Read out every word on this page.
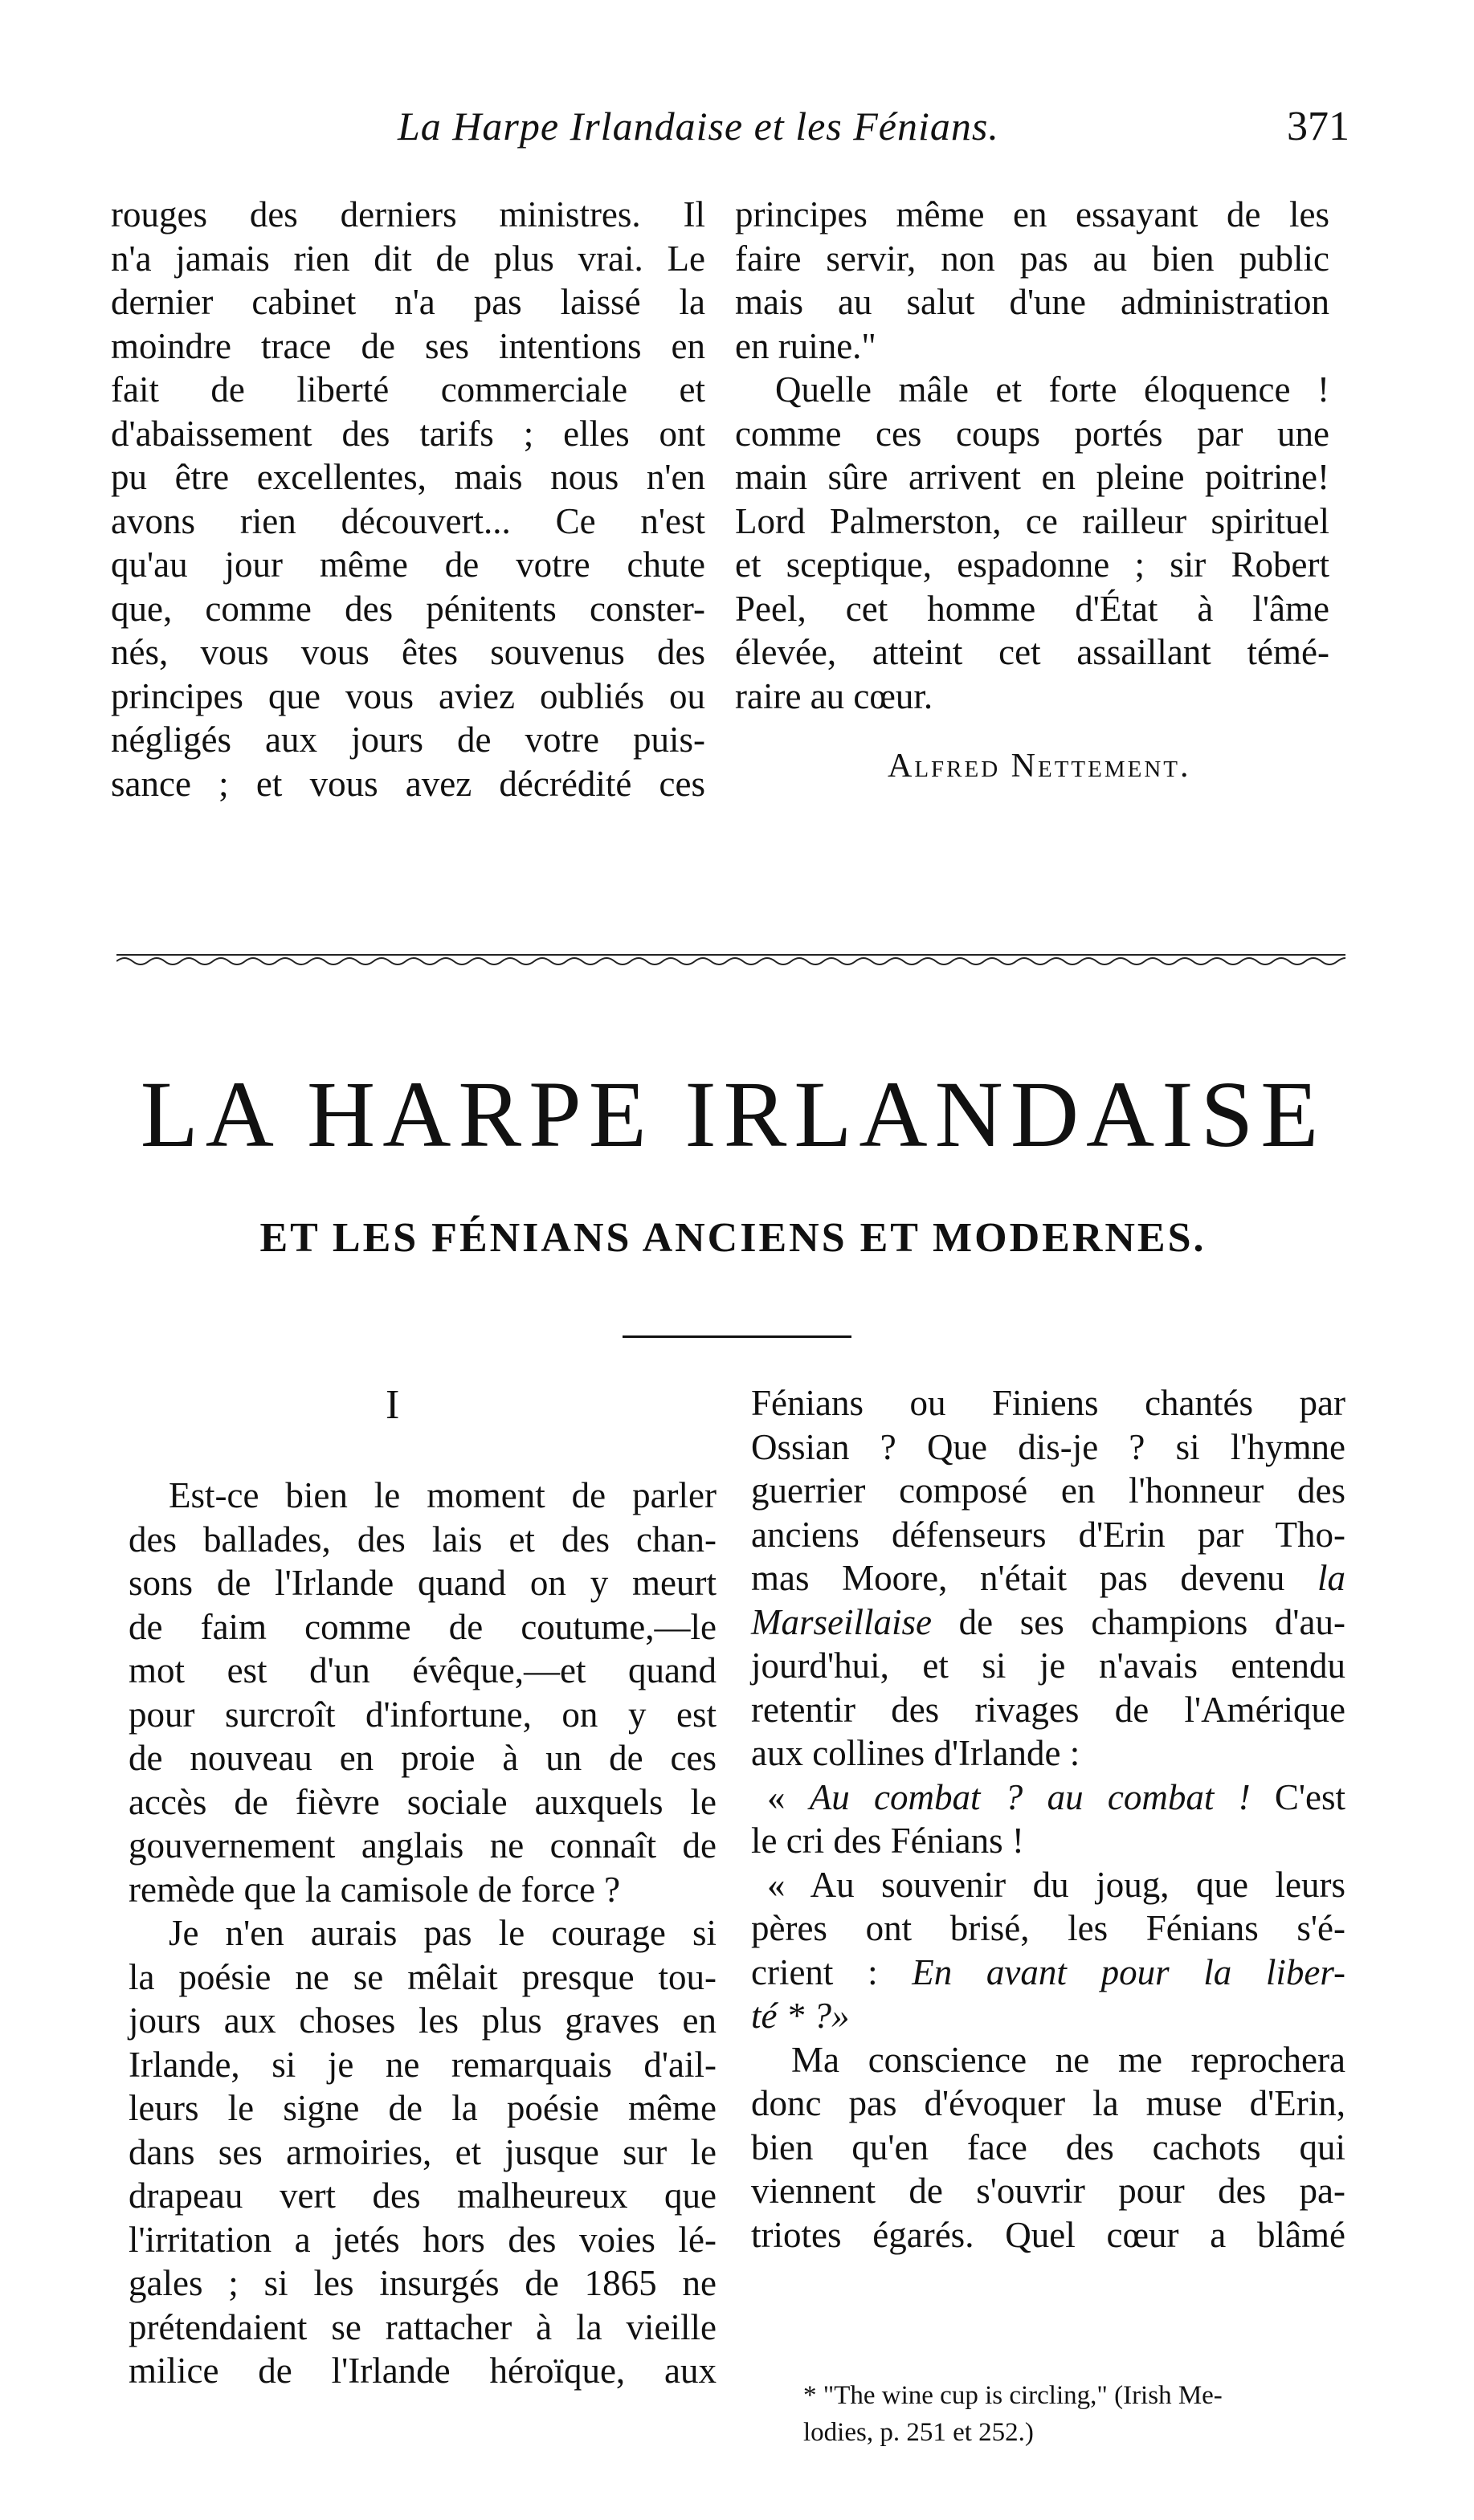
La Harpe Irlandaise et les Fénians.	371

rouges des derniers ministres. Il
n'a jamais rien dit de plus vrai. Le
dernier cabinet n'a pas laissé la
moindre trace de ses intentions en
fait de liberté commerciale et
d'abaissement des tarifs ; elles ont
pu être excellentes, mais nous n'en
avons rien découvert... Ce n'est
qu'au jour même de votre chute
que, comme des pénitents conster-
nés, vous vous êtes souvenus des
principes que vous aviez oubliés ou
négligés aux jours de votre puis-
sance ; et vous avez décrédité ces

principes même en essayant de les
faire servir, non pas au bien public
mais au salut d'une administration
en ruine."

Quelle mâle et forte éloquence !
comme ces coups portés par une
main sûre arrivent en pleine poitrine!
Lord Palmerston, ce railleur spirituel
et sceptique, espadonne ; sir Robert
Peel, cet homme d'État à l'âme
élevée, atteint cet assaillant témé-
raire au cœur.

Alfred Nettement.
LA HARPE IRLANDAISE
ET LES FÉNIANS ANCIENS ET MODERNES.
I

Est-ce bien le moment de parler
des ballades, des lais et des chan-
sons de l'Irlande quand on y meurt
de faim comme de coutume,—le
mot est d'un évêque,—et quand
pour surcroît d'infortune, on y est
de nouveau en proie à un de ces
accès de fièvre sociale auxquels le
gouvernement anglais ne connaît de
remède que la camisole de force ?

Je n'en aurais pas le courage si
la poésie ne se mêlait presque tou-
jours aux choses les plus graves en
Irlande, si je ne remarquais d'ail-
leurs le signe de la poésie même
dans ses armoiries, et jusque sur le
drapeau vert des malheureux que
l'irritation a jetés hors des voies lé-
gales ; si les insurgés de 1865 ne
prétendaient se rattacher à la vieille
milice de l'Irlande héroïque, aux

Fénians ou Finiens chantés par
Ossian ? Que dis-je ? si l'hymne
guerrier composé en l'honneur des
anciens défenseurs d'Erin par Tho-
mas Moore, n'était pas devenu la
Marseillaise de ses champions d'au-
jourd'hui, et si je n'avais entendu
retentir des rivages de l'Amérique
aux collines d'Irlande :

« Au combat ? au combat ! C'est
le cri des Fénians !

« Au souvenir du joug, que leurs
pères ont brisé, les Fénians s'é-
crient : En avant pour la liber-
té * ?»

Ma conscience ne me reprochera
donc pas d'évoquer la muse d'Erin,
bien qu'en face des cachots qui
viennent de s'ouvrir pour des pa-
triotes égarés. Quel cœur a blâmé

* "The wine cup is circling," (Irish Me-
lodies, p. 251 et 252.)
